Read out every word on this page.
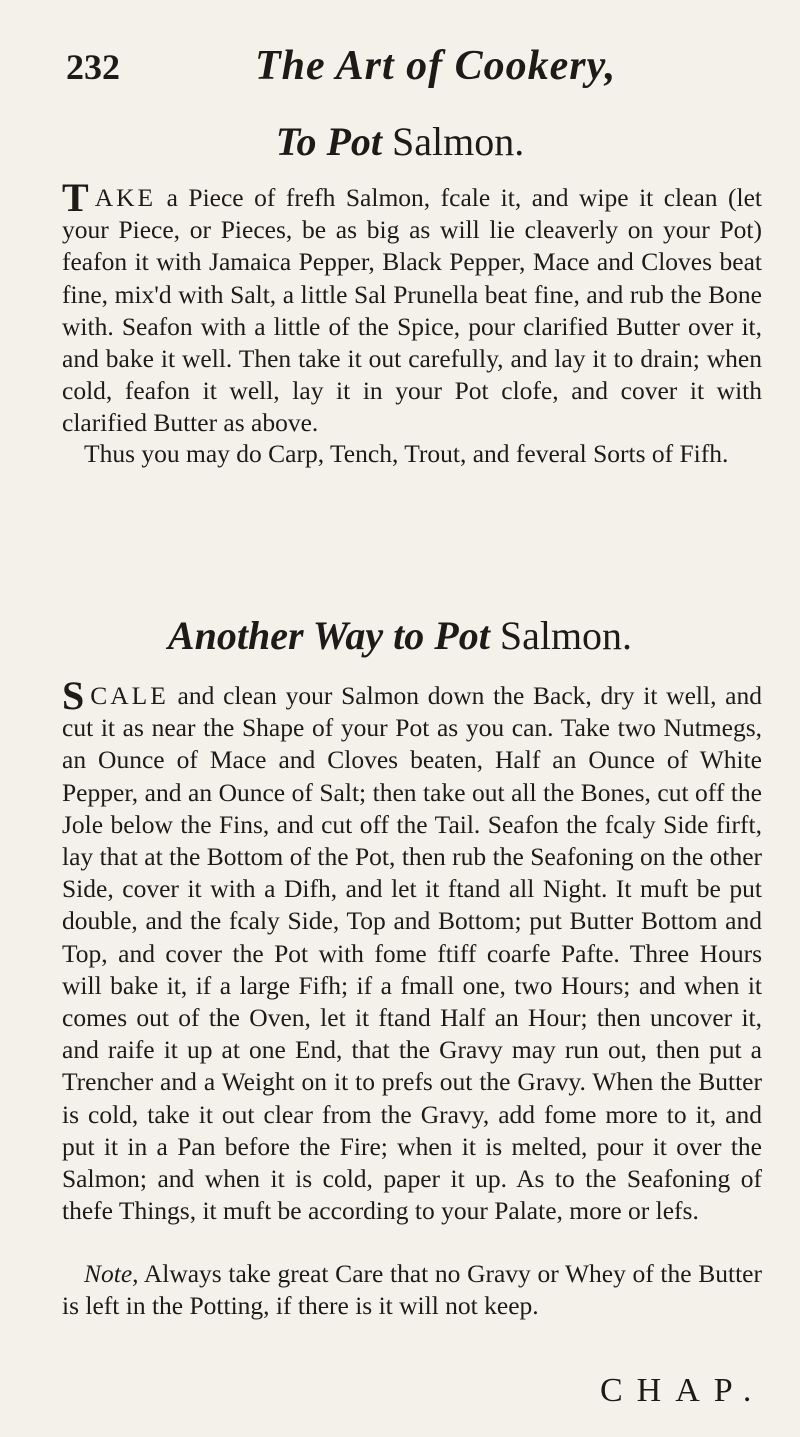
232	The Art of Cookery,
To Pot Salmon.

TAKE a Piece of frefh Salmon, fcale it, and wipe it clean (let your Piece, or Pieces, be as big as will lie cleaverly on your Pot) feafon it with Jamaica Pepper, Black Pepper, Mace and Cloves beat fine, mix'd with Salt, a little Sal Prunella beat fine, and rub the Bone with. Seafon with a little of the Spice, pour clarified Butter over it, and bake it well. Then take it out carefully, and lay it to drain; when cold, feafon it well, lay it in your Pot clofe, and cover it with clarified Butter as above.

Thus you may do Carp, Tench, Trout, and feveral Sorts of Fifh.

Another Way to Pot Salmon.

SCALE and clean your Salmon down the Back, dry it well, and cut it as near the Shape of your Pot as you can. Take two Nutmegs, an Ounce of Mace and Cloves beaten, Half an Ounce of White Pepper, and an Ounce of Salt; then take out all the Bones, cut off the Jole below the Fins, and cut off the Tail. Seafon the fcaly Side firft, lay that at the Bottom of the Pot, then rub the Seafoning on the other Side, cover it with a Difh, and let it ftand all Night. It muft be put double, and the fcaly Side, Top and Bottom; put Butter Bottom and Top, and cover the Pot with fome ftiff coarfe Pafte. Three Hours will bake it, if a large Fifh; if a fmall one, two Hours; and when it comes out of the Oven, let it ftand Half an Hour; then uncover it, and raife it up at one End, that the Gravy may run out, then put a Trencher and a Weight on it to prefs out the Gravy. When the Butter is cold, take it out clear from the Gravy, add fome more to it, and put it in a Pan before the Fire; when it is melted, pour it over the Salmon; and when it is cold, paper it up. As to the Seafoning of thefe Things, it muft be according to your Palate, more or lefs.

Note, Always take great Care that no Gravy or Whey of the Butter is left in the Potting, if there is it will not keep.

CHAP.
